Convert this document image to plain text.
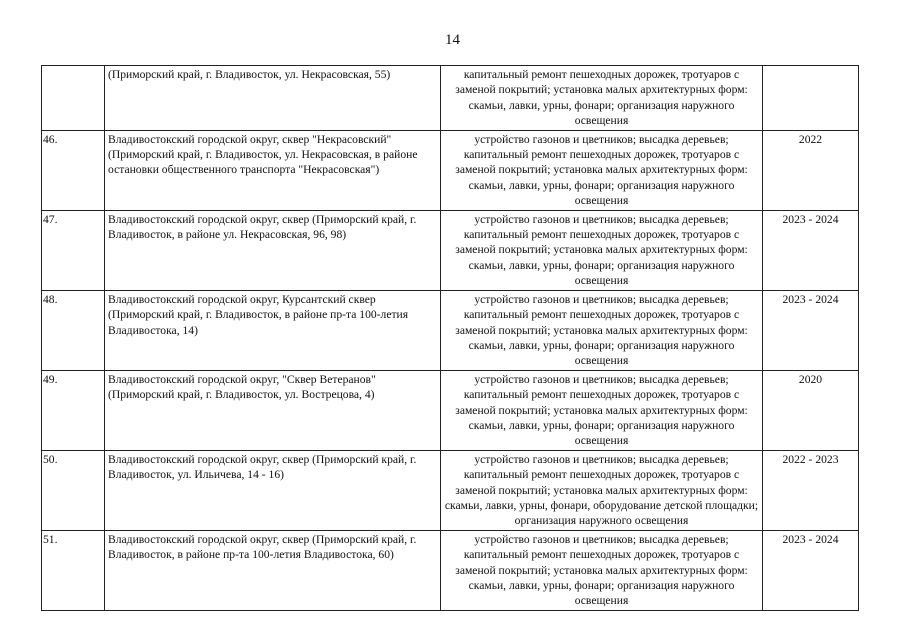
14
	(Приморский край, г. Владивосток, ул. Некрасовская, 55)	капитальный ремонт пешеходных дорожек, тротуаров с заменой покрытий; установка малых архитектурных форм: скамьи, лавки, урны, фонари; организация наружного освещения	
46.	Владивостокский городской округ, сквер "Некрасовский" (Приморский край, г. Владивосток, ул. Некрасовская, в районе остановки общественного транспорта "Некрасовская")	устройство газонов и цветников; высадка деревьев; капитальный ремонт пешеходных дорожек, тротуаров с заменой покрытий; установка малых архитектурных форм: скамьи, лавки, урны, фонари; организация наружного освещения	2022
47.	Владивостокский городской округ, сквер (Приморский край, г. Владивосток, в районе ул. Некрасовская, 96, 98)	устройство газонов и цветников; высадка деревьев; капитальный ремонт пешеходных дорожек, тротуаров с заменой покрытий; установка малых архитектурных форм: скамьи, лавки, урны, фонари; организация наружного освещения	2023 - 2024
48.	Владивостокский городской округ, Курсантский сквер (Приморский край, г. Владивосток, в районе пр-та 100-летия Владивостока, 14)	устройство газонов и цветников; высадка деревьев; капитальный ремонт пешеходных дорожек, тротуаров с заменой покрытий; установка малых архитектурных форм: скамьи, лавки, урны, фонари; организация наружного освещения	2023 - 2024
49.	Владивостокский городской округ, "Сквер Ветеранов" (Приморский край, г. Владивосток, ул. Вострецова, 4)	устройство газонов и цветников; высадка деревьев; капитальный ремонт пешеходных дорожек, тротуаров с заменой покрытий; установка малых архитектурных форм: скамьи, лавки, урны, фонари; организация наружного освещения	2020
50.	Владивостокский городской округ, сквер (Приморский край, г. Владивосток, ул. Ильичева, 14 - 16)	устройство газонов и цветников; высадка деревьев; капитальный ремонт пешеходных дорожек, тротуаров с заменой покрытий; установка малых архитектурных форм: скамьи, лавки, урны, фонари, оборудование детской площадки; организация наружного освещения	2022 - 2023
51.	Владивостокский городской округ, сквер (Приморский край, г. Владивосток, в районе пр-та 100-летия Владивостока, 60)	устройство газонов и цветников; высадка деревьев; капитальный ремонт пешеходных дорожек, тротуаров с заменой покрытий; установка малых архитектурных форм: скамьи, лавки, урны, фонари; организация наружного освещения	2023 - 2024
